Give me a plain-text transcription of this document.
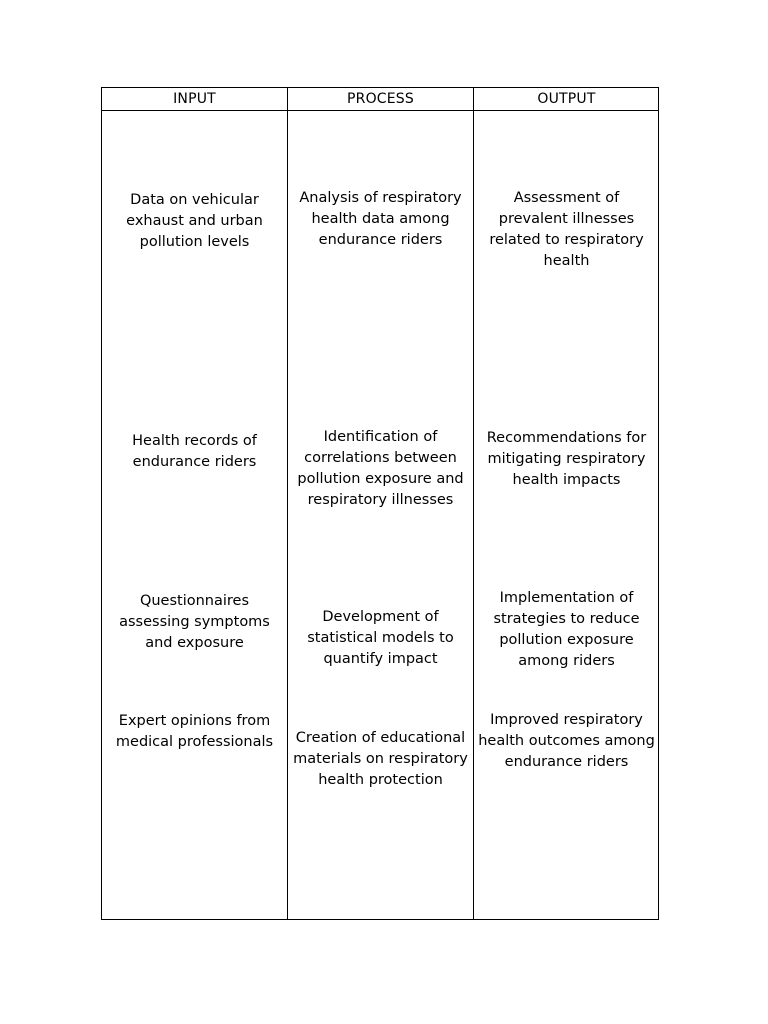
INPUT	PROCESS	OUTPUT
Data on vehicular exhaust and urban pollution levels
Health records of endurance riders
Questionnaires assessing symptoms and exposure
Expert opinions from medical professionals
Analysis of respiratory health data among endurance riders
Identification of correlations between pollution exposure and respiratory illnesses
Development of statistical models to quantify impact
Creation of educational materials on respiratory health protection
Assessment of prevalent illnesses related to respiratory health
Recommendations for mitigating respiratory health impacts
Implementation of strategies to reduce pollution exposure among riders
Improved respiratory health outcomes among endurance riders
